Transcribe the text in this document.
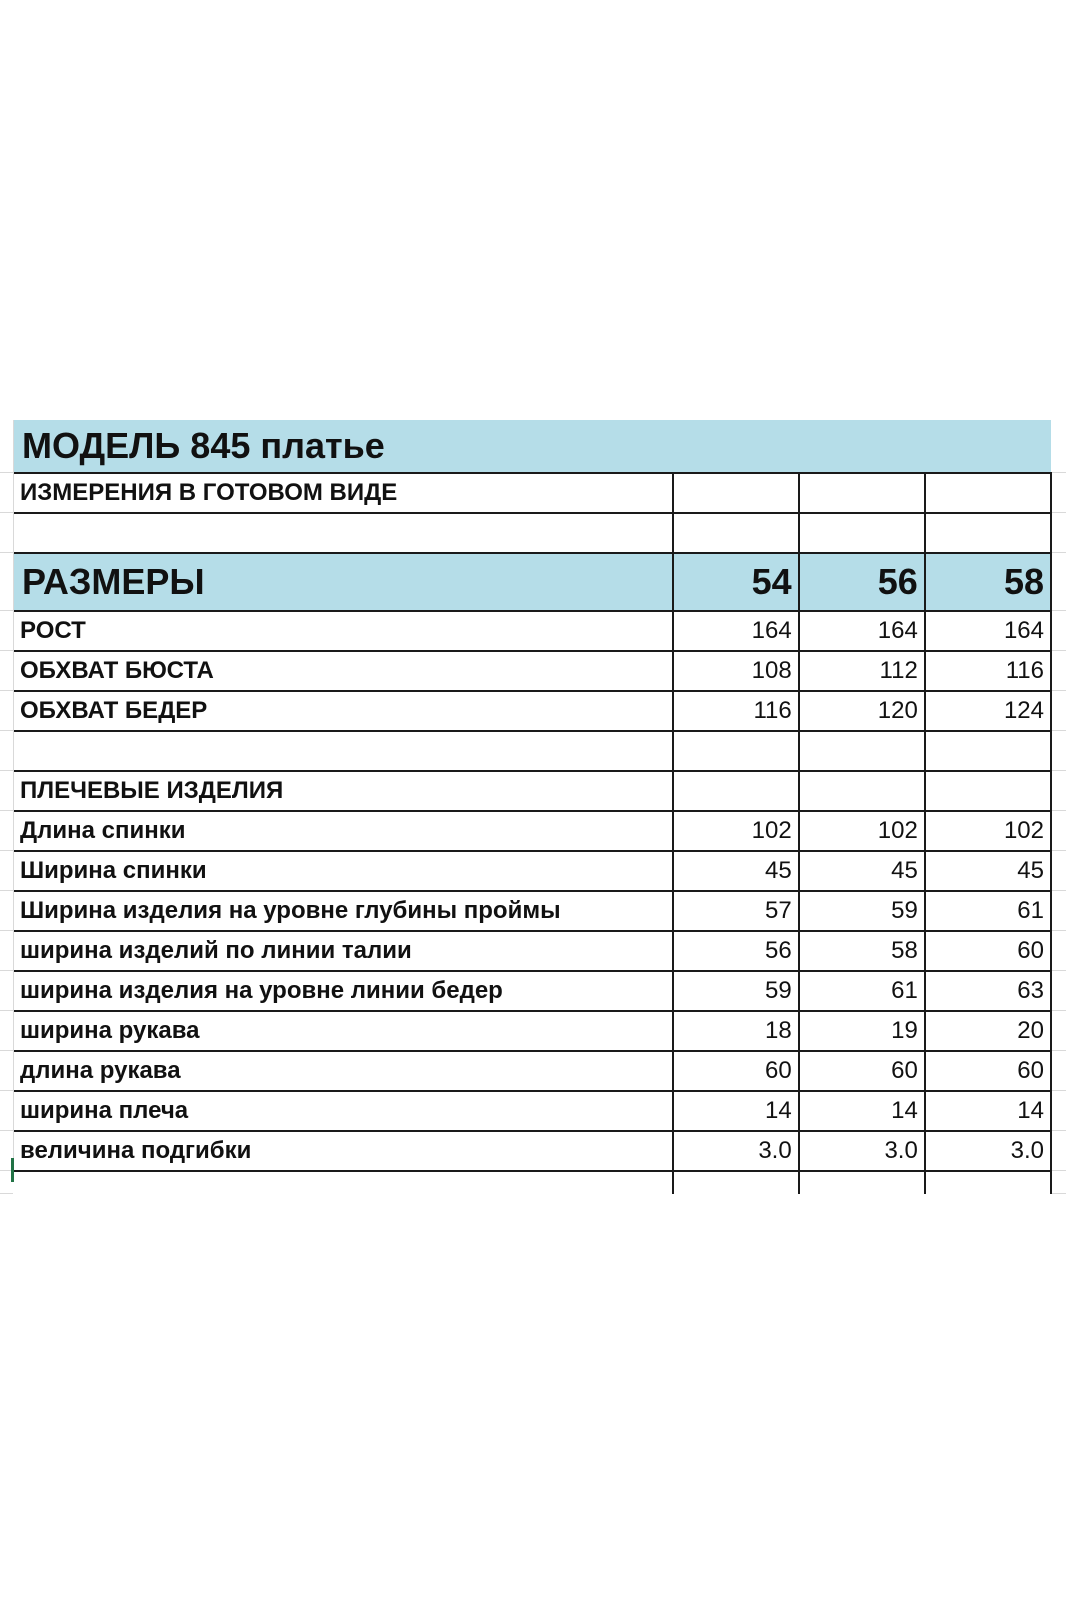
МОДЕЛЬ 845 платье			
ИЗМЕРЕНИЯ В ГОТОВОМ ВИДЕ			

РАЗМЕРЫ	54	56	58
РОСТ	164	164	164
ОБХВАТ БЮСТА	108	112	116
ОБХВАТ БЕДЕР	116	120	124

ПЛЕЧЕВЫЕ ИЗДЕЛИЯ			
Длина спинки	102	102	102
Ширина спинки	45	45	45
Ширина изделия на уровне глубины проймы	57	59	61
ширина изделий по линии талии	56	58	60
ширина изделия на уровне линии бедер	59	61	63
ширина рукава	18	19	20
длина рукава	60	60	60
ширина плеча	14	14	14
величина подгибки	3.0	3.0	3.0
